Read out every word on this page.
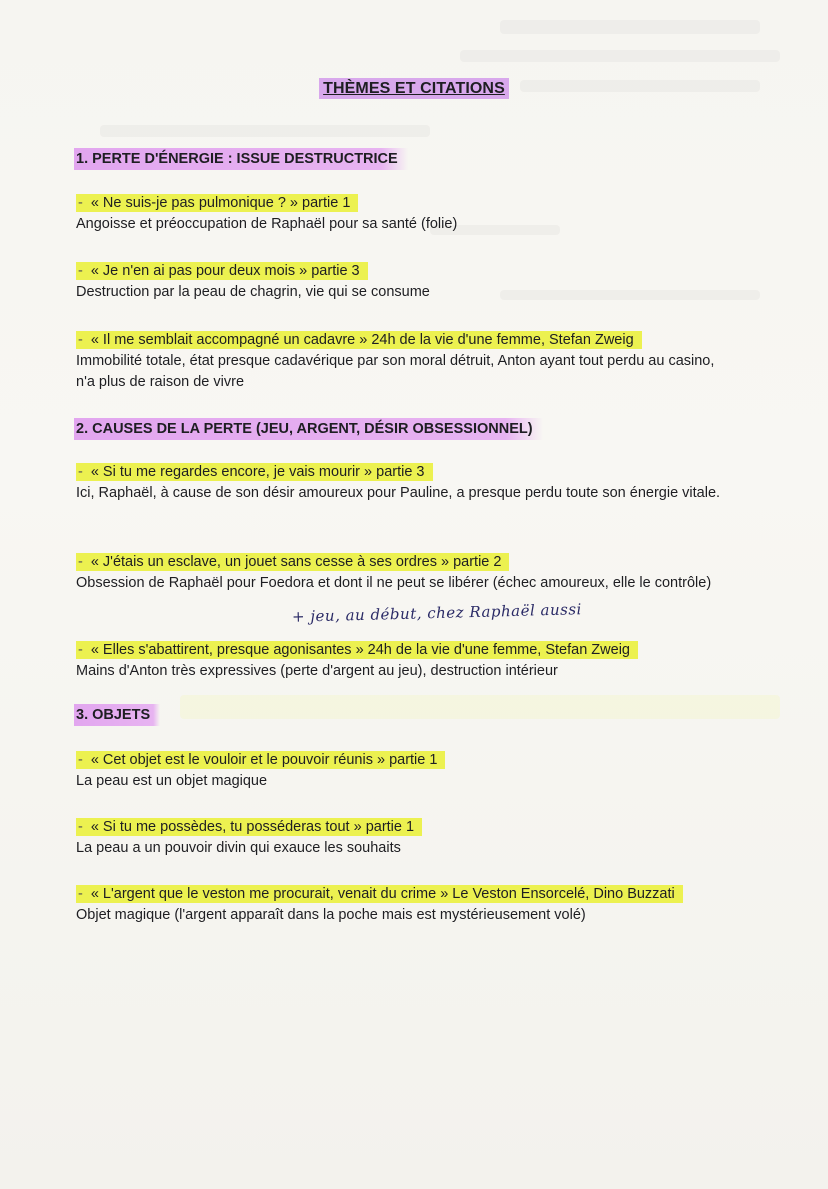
THÈMES ET CITATIONS
1. PERTE D'ÉNERGIE : ISSUE DESTRUCTRICE
- « Ne suis-je pas pulmonique ? » partie 1
Angoisse et préoccupation de Raphaël pour sa santé (folie)
- « Je n'en ai pas pour deux mois » partie 3
Destruction par la peau de chagrin, vie qui se consume
- « Il me semblait accompagné un cadavre » 24h de la vie d'une femme, Stefan Zweig
Immobilité totale, état presque cadavérique par son moral détruit, Anton ayant tout perdu au casino, n'a plus de raison de vivre
2. CAUSES DE LA PERTE (JEU, ARGENT, DÉSIR OBSESSIONNEL)
- « Si tu me regardes encore, je vais mourir » partie 3
Ici, Raphaël, à cause de son désir amoureux pour Pauline, a presque perdu toute son énergie vitale.
- « J'étais un esclave, un jouet sans cesse à ses ordres » partie 2
Obsession de Raphaël pour Foedora et dont il ne peut se libérer (échec amoureux, elle le contrôle)
+ jeu, au début, chez Raphaël aussi
- « Elles s'abattirent, presque agonisantes » 24h de la vie d'une femme, Stefan Zweig
Mains d'Anton très expressives (perte d'argent au jeu), destruction intérieur
3. OBJETS
- « Cet objet est le vouloir et le pouvoir réunis » partie 1
La peau est un objet magique
- « Si tu me possèdes, tu posséderas tout » partie 1
La peau a un pouvoir divin qui exauce les souhaits
- « L'argent que le veston me procurait, venait du crime » Le Veston Ensorcelé, Dino Buzzati
Objet magique (l'argent apparaît dans la poche mais est mystérieusement volé)
